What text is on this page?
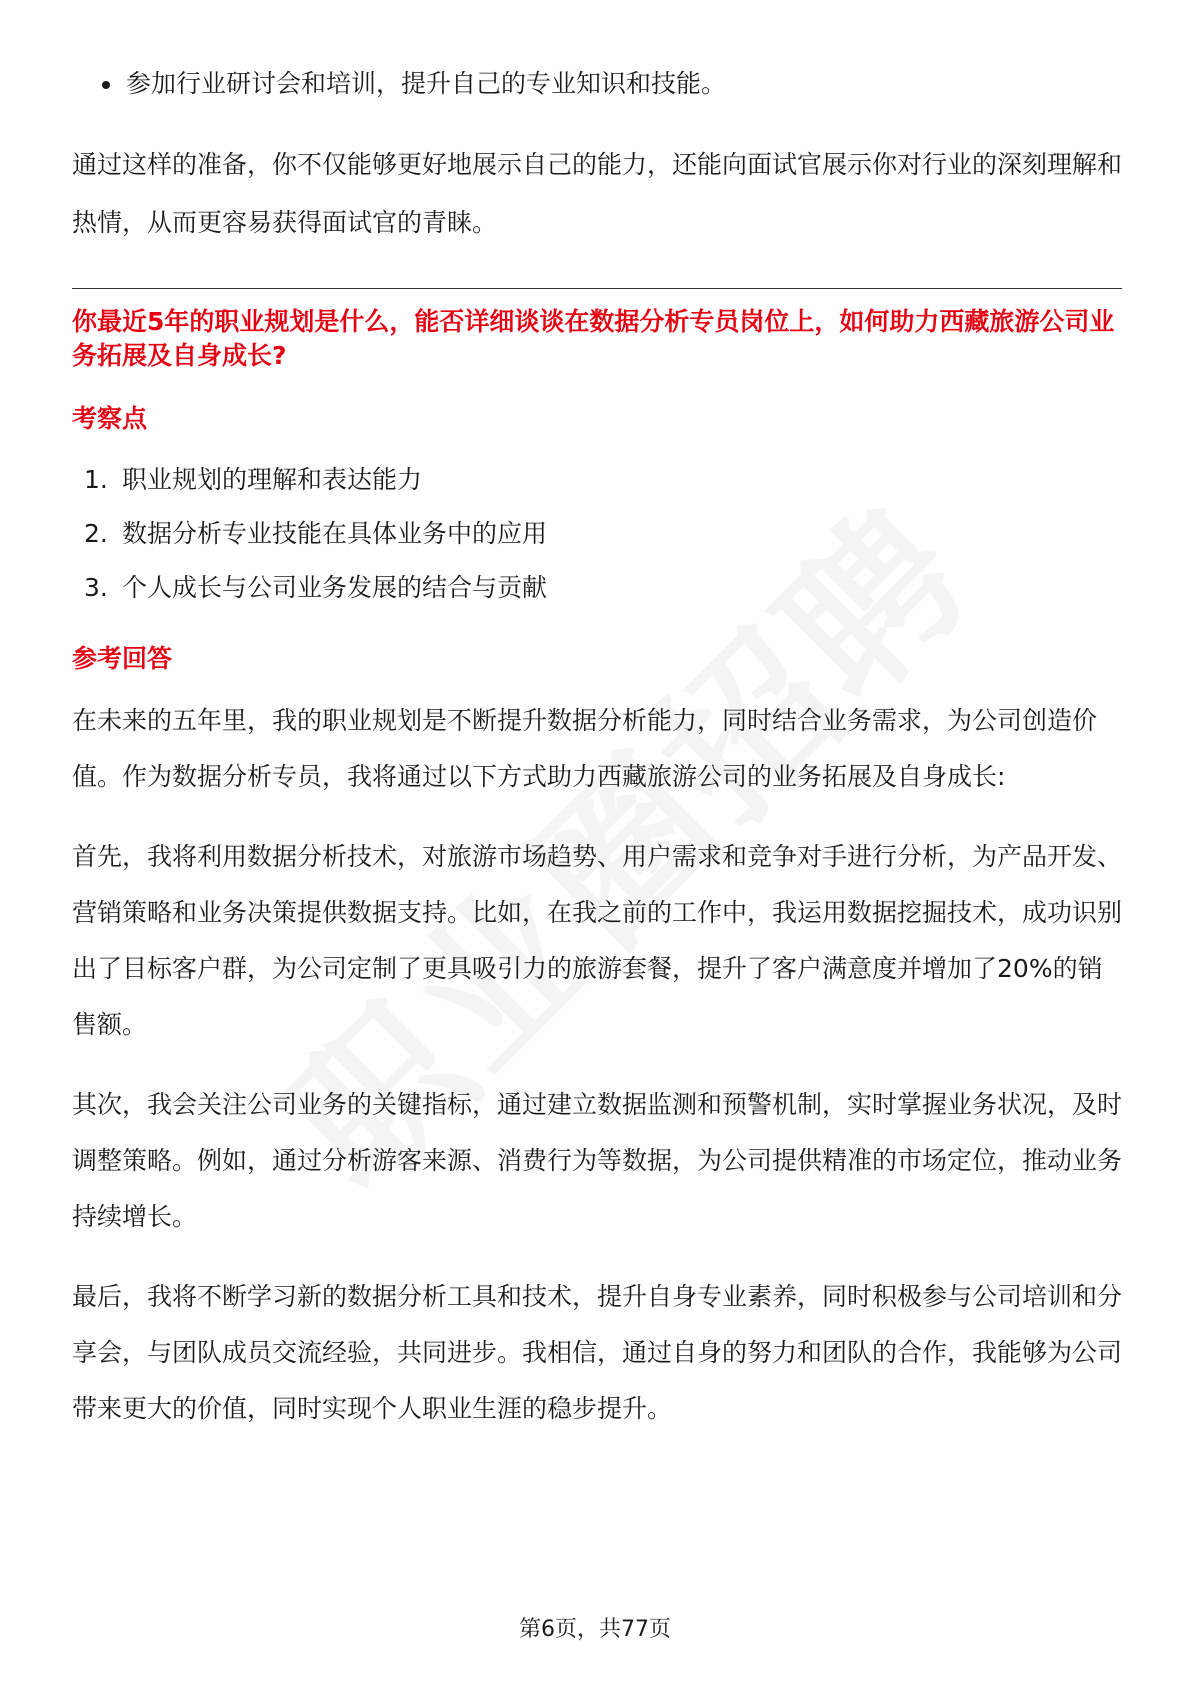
参加行业研讨会和培训，提升自己的专业知识和技能。

通过这样的准备，你不仅能够更好地展示自己的能力，还能向面试官展示你对行业的深刻理解和热情，从而更容易获得面试官的青睐。

你最近5年的职业规划是什么，能否详细谈谈在数据分析专员岗位上，如何助力西藏旅游公司业务拓展及自身成长?

考察点
1. 职业规划的理解和表达能力
2. 数据分析专业技能在具体业务中的应用
3. 个人成长与公司业务发展的结合与贡献
参考回答

在未来的五年里，我的职业规划是不断提升数据分析能力，同时结合业务需求，为公司创造价值。作为数据分析专员，我将通过以下方式助力西藏旅游公司的业务拓展及自身成长:

首先，我将利用数据分析技术，对旅游市场趋势、用户需求和竞争对手进行分析，为产品开发、营销策略和业务决策提供数据支持。比如，在我之前的工作中，我运用数据挖掘技术，成功识别出了目标客户群，为公司定制了更具吸引力的旅游套餐，提升了客户满意度并增加了20%的销售额。

其次，我会关注公司业务的关键指标，通过建立数据监测和预警机制，实时掌握业务状况，及时调整策略。例如，通过分析游客来源、消费行为等数据，为公司提供精准的市场定位，推动业务持续增长。

最后，我将不断学习新的数据分析工具和技术，提升自身专业素养，同时积极参与公司培训和分享会，与团队成员交流经验，共同进步。我相信，通过自身的努力和团队的合作，我能够为公司带来更大的价值，同时实现个人职业生涯的稳步提升。

第6页，共77页
